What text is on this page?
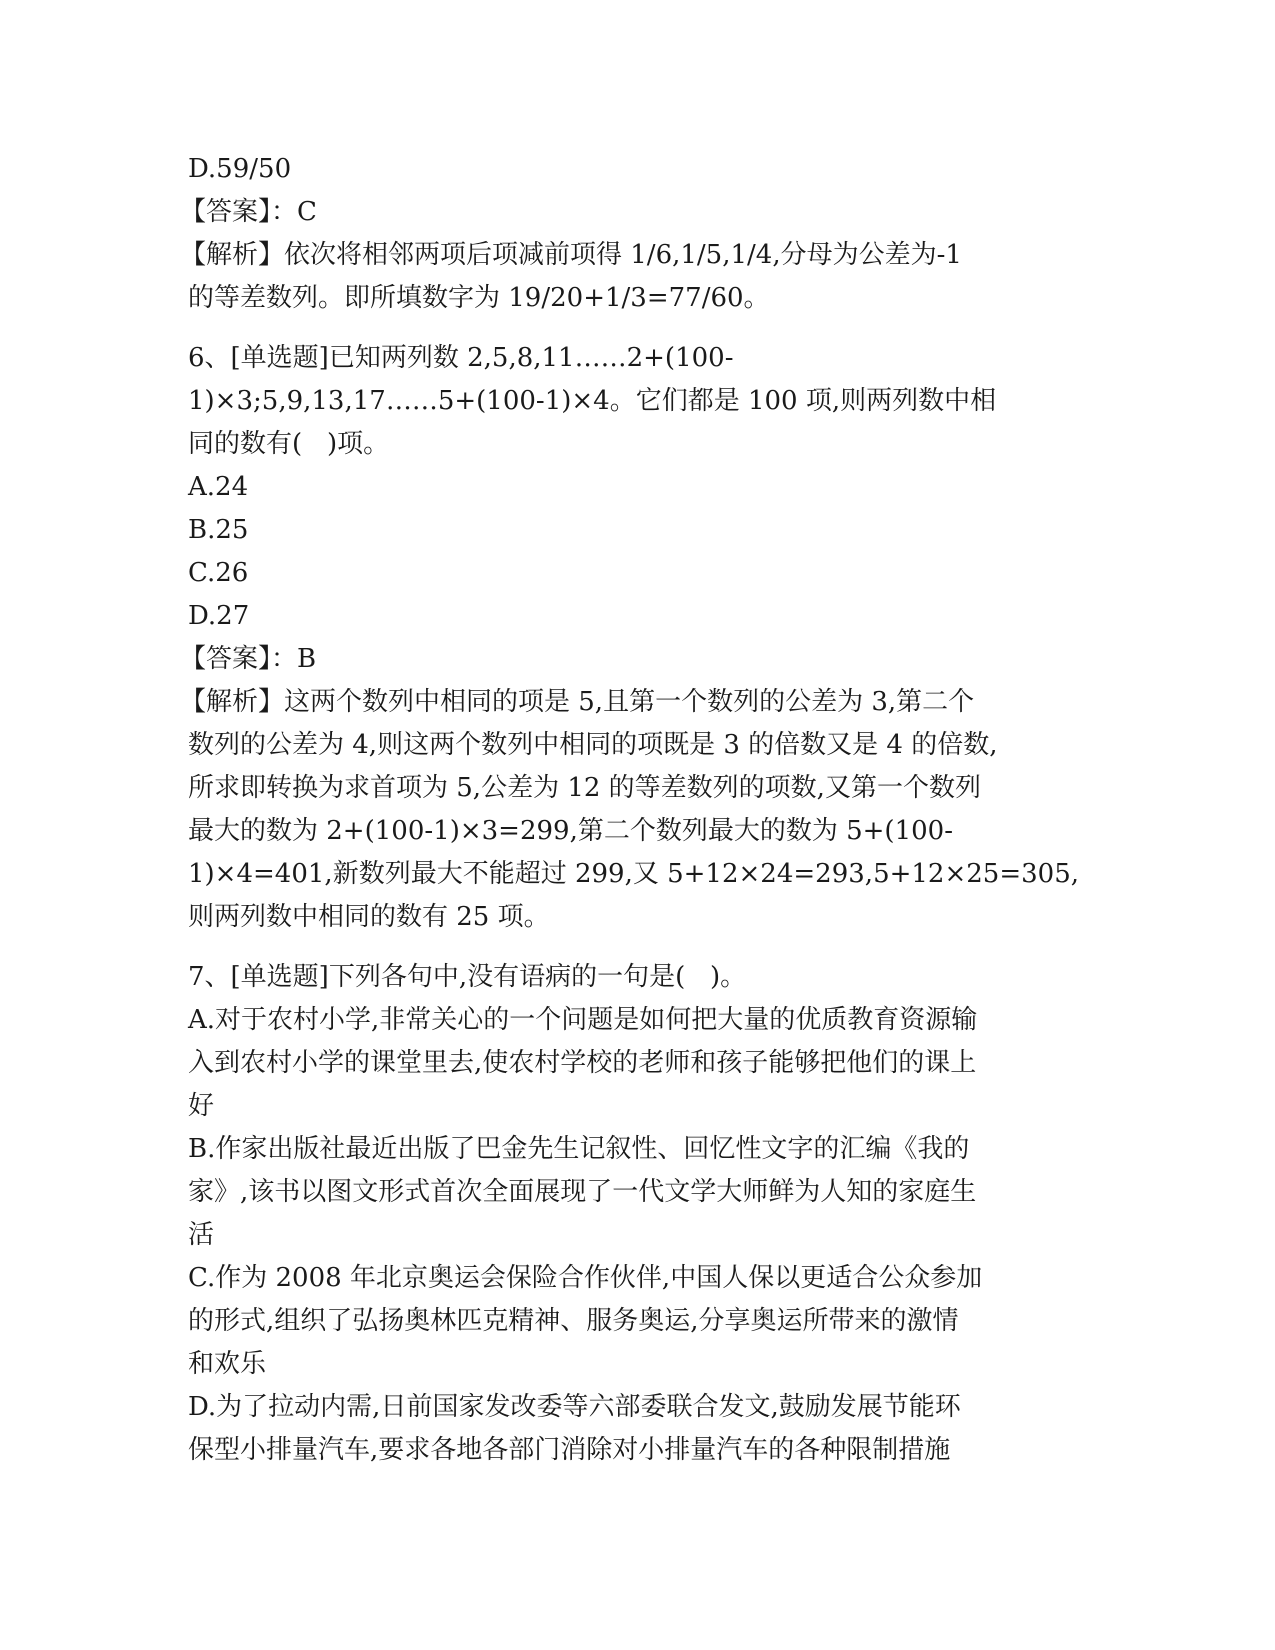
D.59/50
【答案】：C
【解析】依次将相邻两项后项减前项得 1/6,1/5,1/4,分母为公差为-1
的等差数列。即所填数字为 19/20+1/3=77/60。
6、[单选题]已知两列数 2,5,8,11……2+(100-
1)×3;5,9,13,17……5+(100-1)×4。它们都是 100 项,则两列数中相
同的数有(   )项。
A.24
B.25
C.26
D.27
【答案】：B
【解析】这两个数列中相同的项是 5,且第一个数列的公差为 3,第二个
数列的公差为 4,则这两个数列中相同的项既是 3 的倍数又是 4 的倍数,
所求即转换为求首项为 5,公差为 12 的等差数列的项数,又第一个数列
最大的数为 2+(100-1)×3=299,第二个数列最大的数为 5+(100-
1)×4=401,新数列最大不能超过 299,又 5+12×24=293,5+12×25=305,
则两列数中相同的数有 25 项。
7、[单选题]下列各句中,没有语病的一句是(   )。
A.对于农村小学,非常关心的一个问题是如何把大量的优质教育资源输
入到农村小学的课堂里去,使农村学校的老师和孩子能够把他们的课上
好
B.作家出版社最近出版了巴金先生记叙性、回忆性文字的汇编《我的
家》,该书以图文形式首次全面展现了一代文学大师鲜为人知的家庭生
活
C.作为 2008 年北京奥运会保险合作伙伴,中国人保以更适合公众参加
的形式,组织了弘扬奥林匹克精神、服务奥运,分享奥运所带来的激情
和欢乐
D.为了拉动内需,日前国家发改委等六部委联合发文,鼓励发展节能环
保型小排量汽车,要求各地各部门消除对小排量汽车的各种限制措施
